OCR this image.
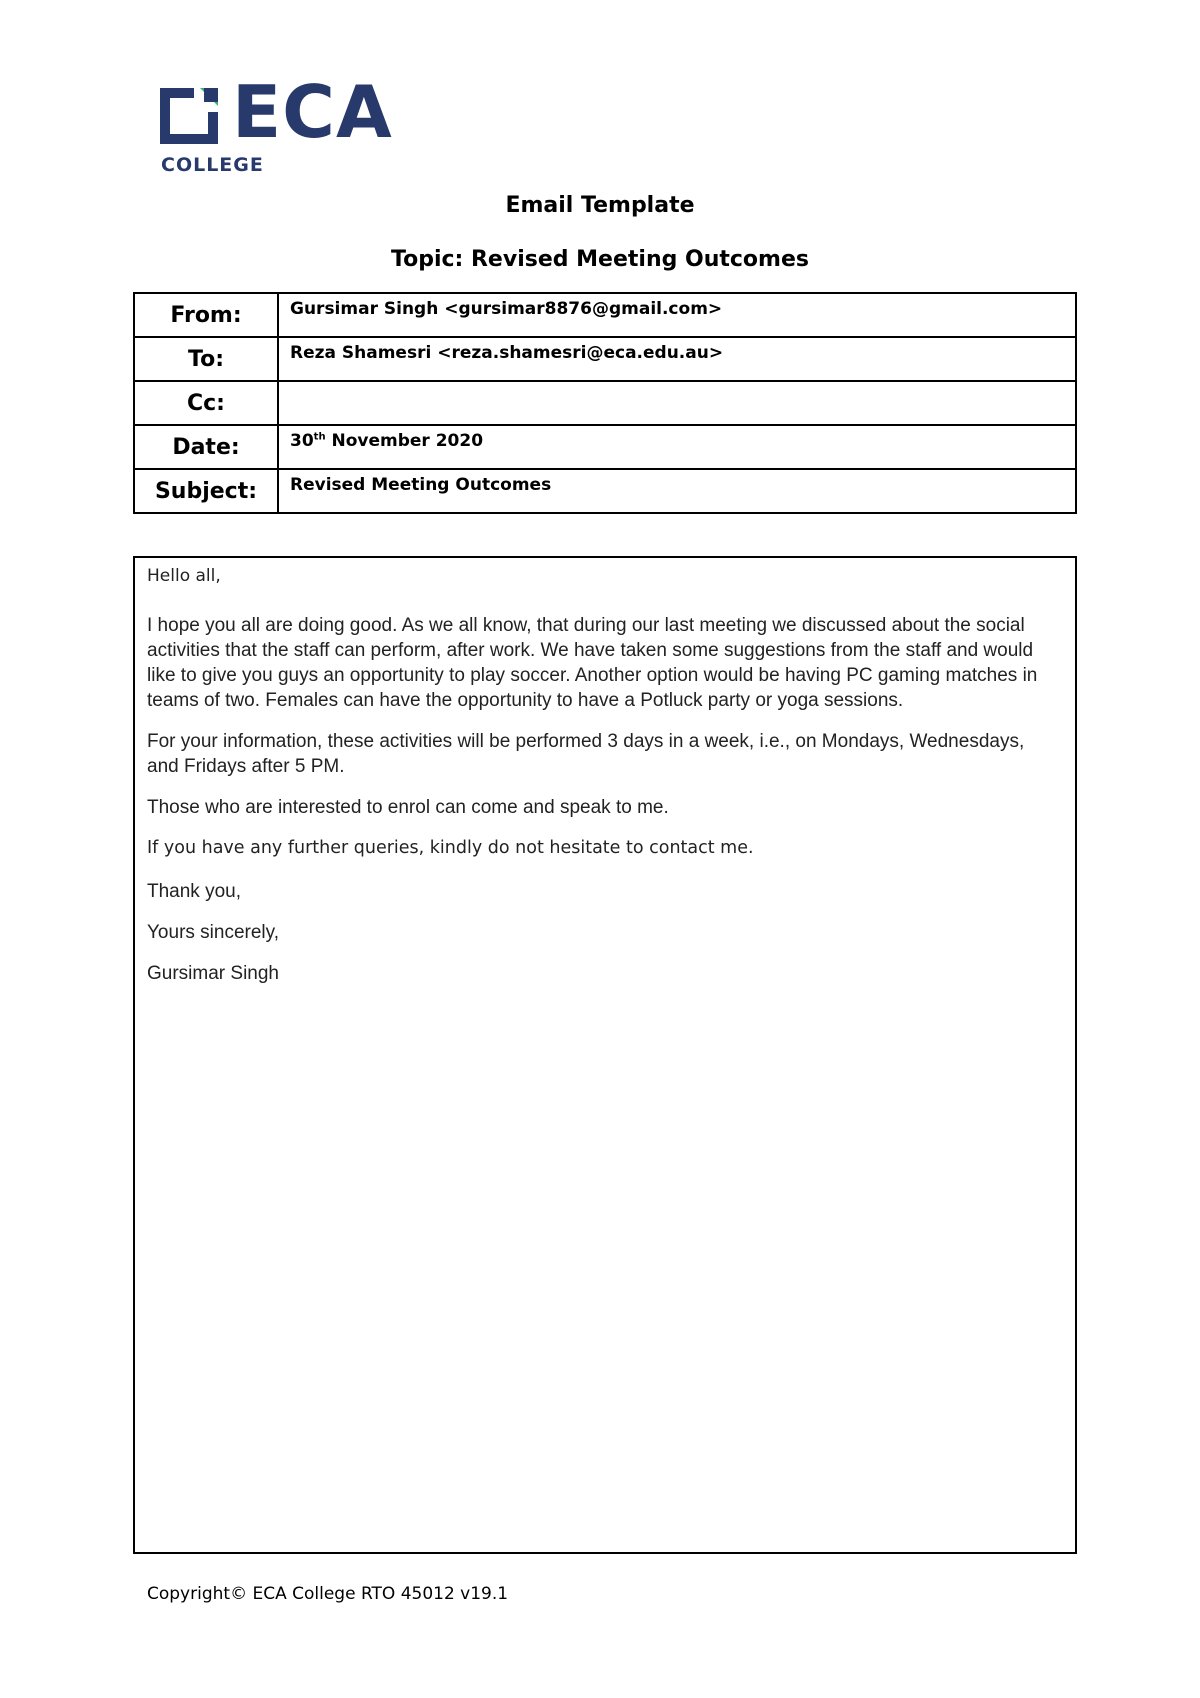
ECA
COLLEGE
Email Template
Topic: Revised Meeting Outcomes
From:	Gursimar Singh <gursimar8876@gmail.com>
To:	Reza Shamesri <reza.shamesri@eca.edu.au>
Cc:	
Date:	30th November 2020
Subject:	Revised Meeting Outcomes

Hello all,

I hope you all are doing good. As we all know, that during our last meeting we discussed about the social activities that the staff can perform, after work. We have taken some suggestions from the staff and would like to give you guys an opportunity to play soccer. Another option would be having PC gaming matches in teams of two. Females can have the opportunity to have a Potluck party or yoga sessions.

For your information, these activities will be performed 3 days in a week, i.e., on Mondays, Wednesdays, and Fridays after 5 PM.

Those who are interested to enrol can come and speak to me.

If you have any further queries, kindly do not hesitate to contact me.

Thank you,

Yours sincerely,

Gursimar Singh

Copyright© ECA College RTO 45012 v19.1
